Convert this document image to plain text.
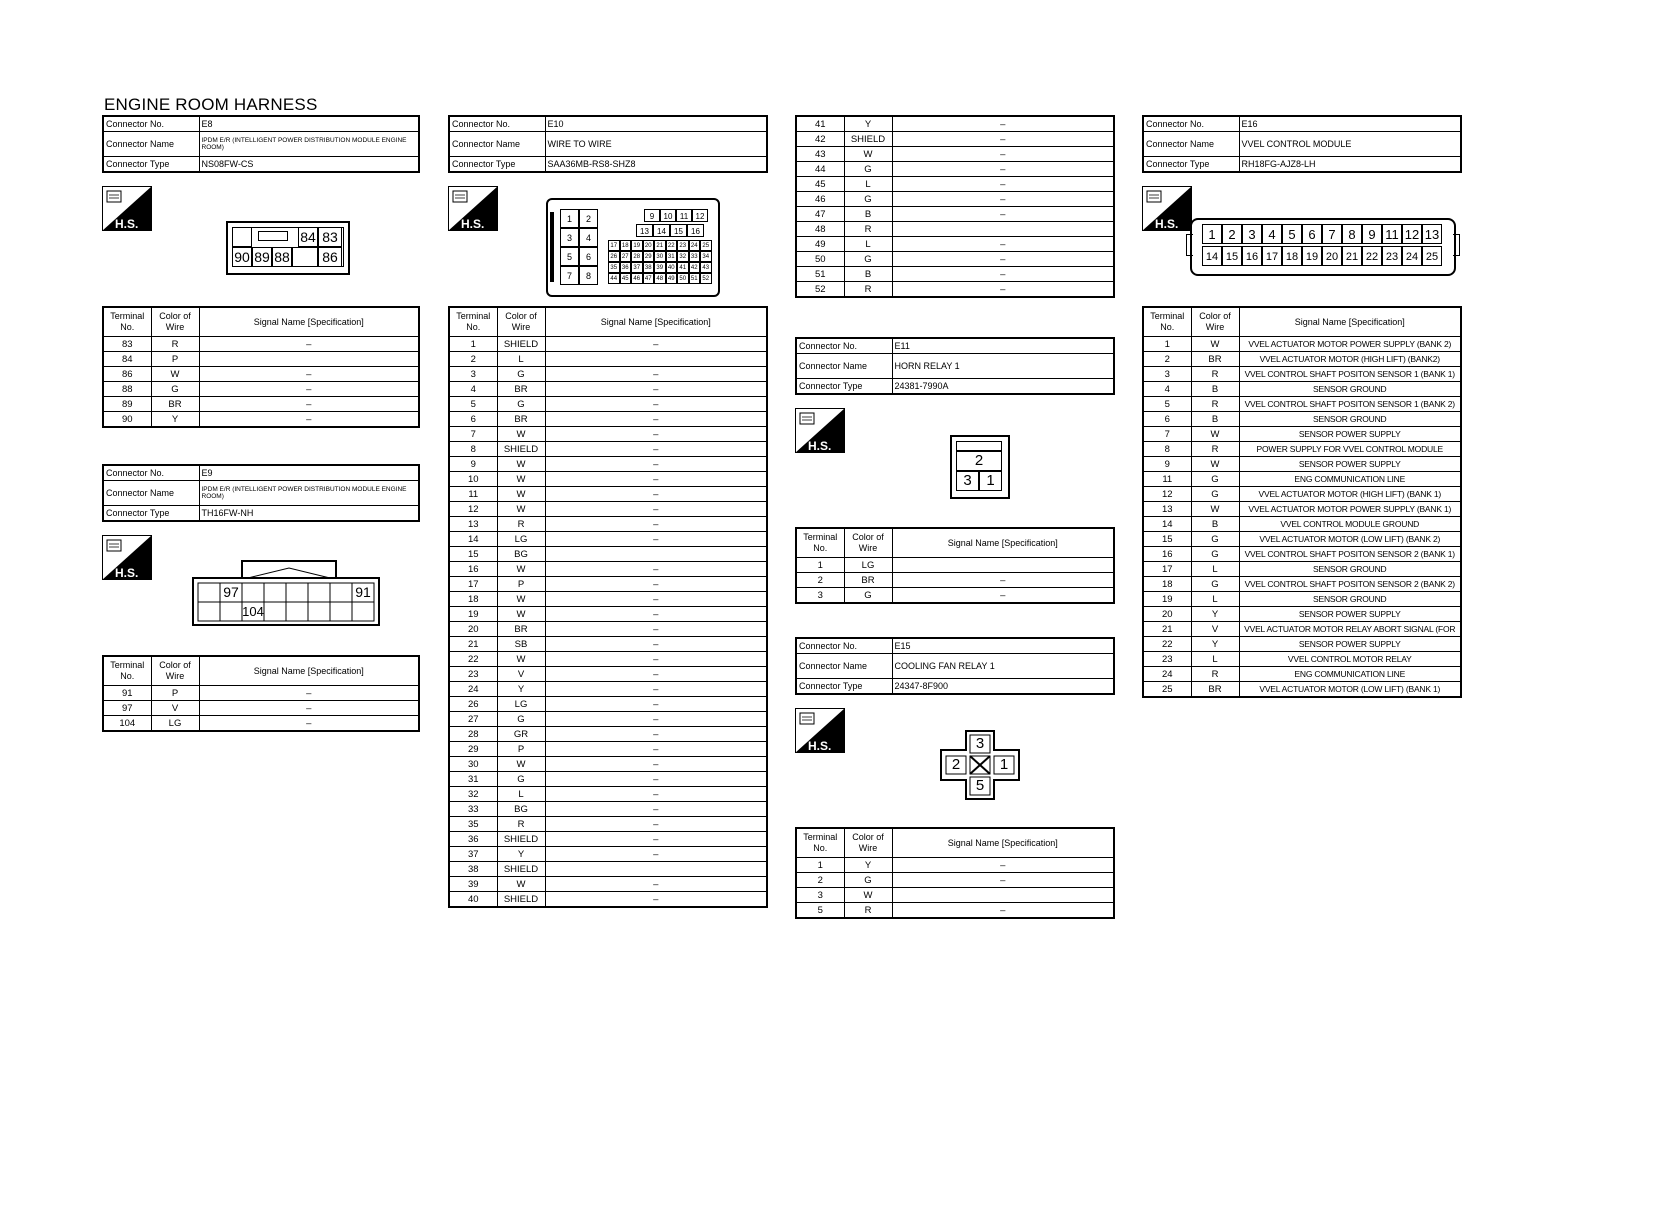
ENGINE ROOM HARNESS
Connector No.	E8
Connector Name	IPDM E/R (INTELLIGENT POWER DISTRIBUTION MODULE ENGINE ROOM)
Connector Type	NS08FW-CS
H.S.
84 83
90 89 88	86
Terminal No.	Color of Wire	Signal Name [Specification]
83	R	–
84	P	
86	W	–
88	G	–
89	BR	–
90	Y	–
Connector No.	E9
Connector Name	IPDM E/R (INTELLIGENT POWER DISTRIBUTION MODULE ENGINE ROOM)
Connector Type	TH16FW-NH
H.S.
97	91
104
Terminal No.	Color of Wire	Signal Name [Specification]
91	P	–
97	V	–
104	LG	–
Connector No.	E10
Connector Name	WIRE TO WIRE
Connector Type	SAA36MB-RS8-SHZ8
H.S.	1	2
3	4
5	6
7	8
9	10 11 12
13	14	15	16
17 18 19 20 21 22 23 24 25
26 27 28 29 30 31 32 33 34
35 36 37 38 39 40 41 42 43
44 45 46 47 48 49 50 51 52
Terminal No.	Color of Wire	Signal Name [Specification]
1	SHIELD	–
2	L	
3	G	–
4	BR	–
5	G	–
6	BR	–
7	W	–
8	SHIELD	–
9	W	–
10	W	–
11	W	–
12	W	–
13	R	–
14	LG	–
15	BG	
16	W	–
17	P	–
18	W	–
19	W	–
20	BR	–
21	SB	–
22	W	–
23	V	–
24	Y	–
26	LG	–
27	G	–
28	GR	–
29	P	–
30	W	–
31	G	–
32	L	–
33	BG	–
35	R	–
36	SHIELD	–
37	Y	–
38	SHIELD	
39	W	–
40	SHIELD	–
41	Y	–
42	SHIELD	–
43	W	–
44	G	–
45	L	–
46	G	–
47	B	–
48	R	
49	L	–
50	G	–
51	B	–
52	R	–
Connector No.	E11
Connector Name	HORN RELAY 1
Connector Type	24381-7990A
H.S.
2
3 1
Terminal No.	Color of Wire	Signal Name [Specification]
1	LG	
2	BR	–
3	G	–
Connector No.	E15
Connector Name	COOLING FAN RELAY 1
Connector Type	24347-8F900
H.S.	3
2	1
5
Terminal No.	Color of Wire	Signal Name [Specification]
1	Y	–
2	G	–
3	W	
5	R	–
Connector No.	E16
Connector Name	VVEL CONTROL MODULE
Connector Type	RH18FG-AJZ8-LH
H.S.
1 2 3 4 5 6 7 8 9 11 12 13
14 15 16 17 18 19 20 21 22 23 24 25
Terminal No.	Color of Wire	Signal Name [Specification]
1	W	VVEL ACTUATOR MOTOR POWER SUPPLY (BANK 2)
2	BR	VVEL ACTUATOR MOTOR (HIGH LIFT) (BANK2)
3	R	VVEL CONTROL SHAFT POSITON SENSOR 1 (BANK 1)
4	B	SENSOR GROUND
5	R	VVEL CONTROL SHAFT POSITON SENSOR 1 (BANK 2)
6	B	SENSOR GROUND
7	W	SENSOR POWER SUPPLY
8	R	POWER SUPPLY FOR VVEL CONTROL MODULE
9	W	SENSOR POWER SUPPLY
11	G	ENG COMMUNICATION LINE
12	G	VVEL ACTUATOR MOTOR (HIGH LIFT) (BANK 1)
13	W	VVEL ACTUATOR MOTOR POWER SUPPLY (BANK 1)
14	B	VVEL CONTROL MODULE GROUND
15	G	VVEL ACTUATOR MOTOR (LOW LIFT) (BANK 2)
16	G	VVEL CONTROL SHAFT POSITON SENSOR 2 (BANK 1)
17	L	SENSOR GROUND
18	G	VVEL CONTROL SHAFT POSITON SENSOR 2 (BANK 2)
19	L	SENSOR GROUND
20	Y	SENSOR POWER SUPPLY
21	V	VVEL ACTUATOR MOTOR RELAY ABORT SIGNAL (FOR
22	Y	SENSOR POWER SUPPLY
23	L	VVEL CONTROL MOTOR RELAY
24	R	ENG COMMUNICATION LINE
25	BR	VVEL ACTUATOR MOTOR (LOW LIFT) (BANK 1)
